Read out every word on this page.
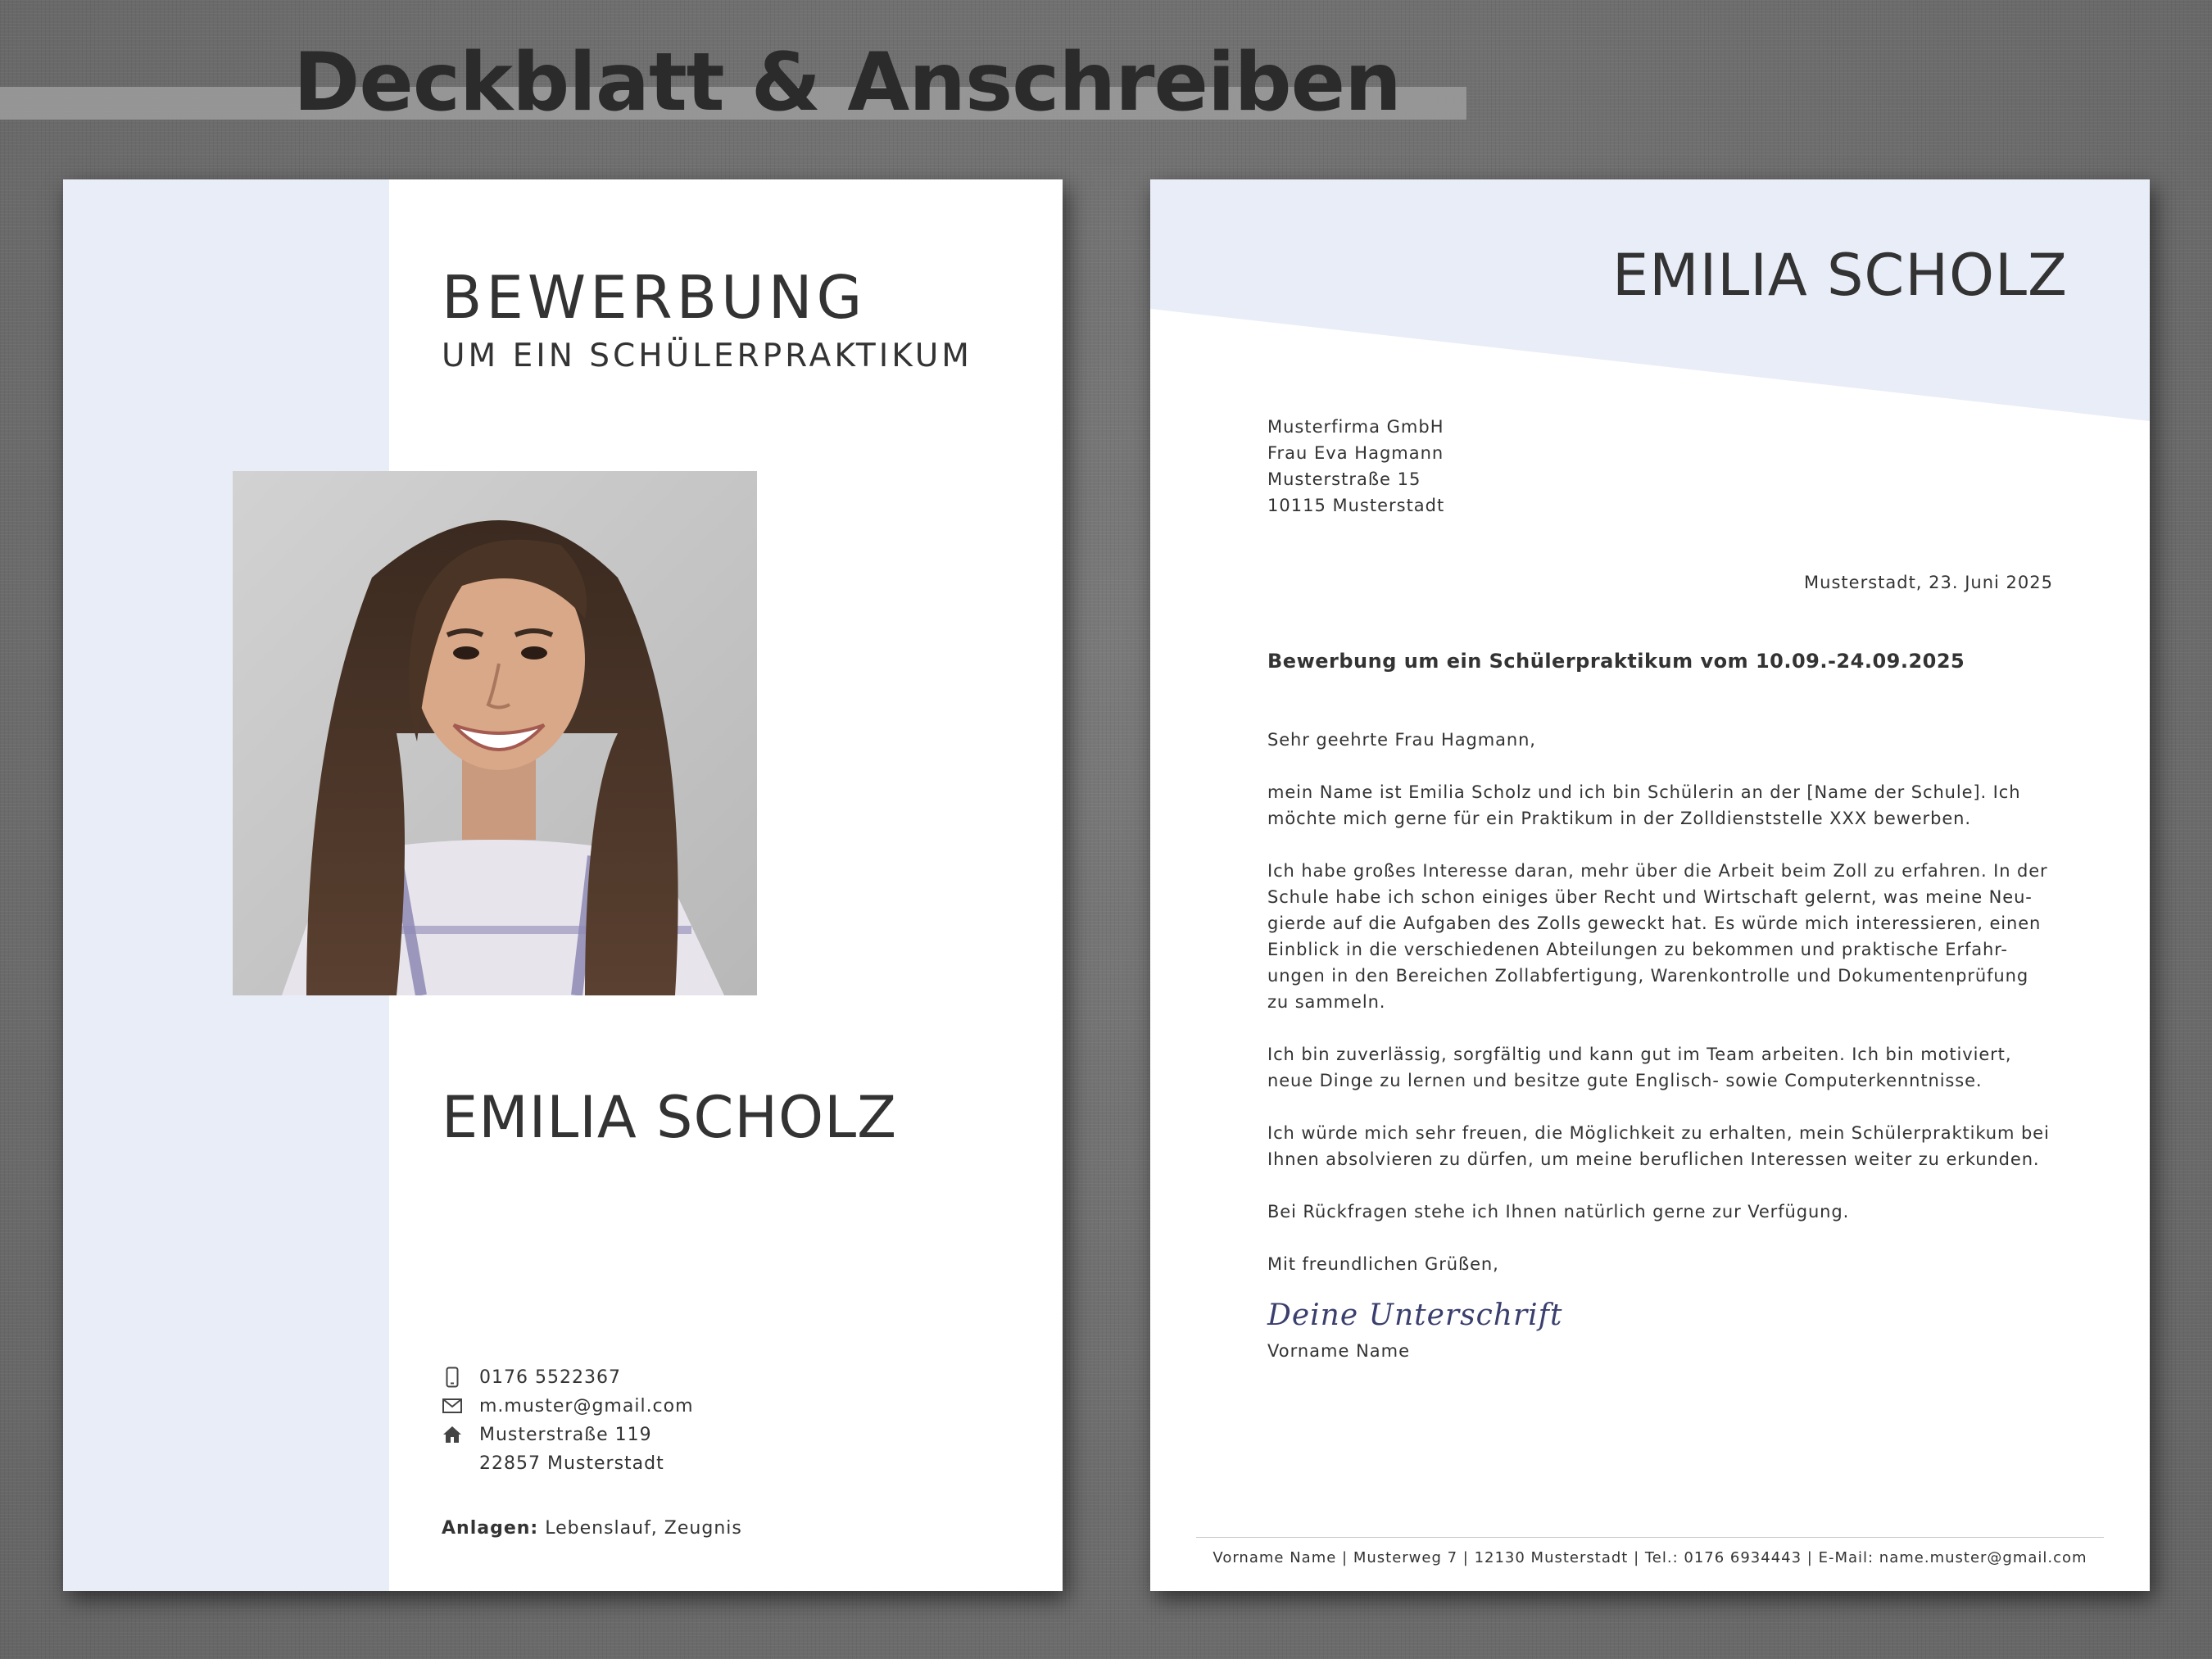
Deckblatt & Anschreiben
BEWERBUNG
UM EIN SCHÜLERPRAKTIKUM
EMILIA SCHOLZ
0176 5522367
m.muster@gmail.com
Musterstraße 119
22857 Musterstadt
Anlagen: Lebenslauf, Zeugnis
EMILIA SCHOLZ
Musterfirma GmbH
Frau Eva Hagmann
Musterstraße 15
10115 Musterstadt
Musterstadt, 23. Juni 2025
Bewerbung um ein Schülerpraktikum vom 10.09.-24.09.2025

Sehr geehrte Frau Hagmann,

mein Name ist Emilia Scholz und ich bin Schülerin an der [Name der Schule]. Ich
möchte mich gerne für ein Praktikum in der Zolldienststelle XXX bewerben.

Ich habe großes Interesse daran, mehr über die Arbeit beim Zoll zu erfahren. In der
Schule habe ich schon einiges über Recht und Wirtschaft gelernt, was meine Neu-
gierde auf die Aufgaben des Zolls geweckt hat. Es würde mich interessieren, einen
Einblick in die verschiedenen Abteilungen zu bekommen und praktische Erfahr-
ungen in den Bereichen Zollabfertigung, Warenkontrolle und Dokumentenprüfung
zu sammeln.

Ich bin zuverlässig, sorgfältig und kann gut im Team arbeiten. Ich bin motiviert,
neue Dinge zu lernen und besitze gute Englisch- sowie Computerkenntnisse.

Ich würde mich sehr freuen, die Möglichkeit zu erhalten, mein Schülerpraktikum bei
Ihnen absolvieren zu dürfen, um meine beruflichen Interessen weiter zu erkunden.

Bei Rückfragen stehe ich Ihnen natürlich gerne zur Verfügung.

Mit freundlichen Grüßen,

Deine Unterschrift
Vorname Name
Vorname Name | Musterweg 7 | 12130 Musterstadt | Tel.: 0176 6934443 | E-Mail: name.muster@gmail.com
